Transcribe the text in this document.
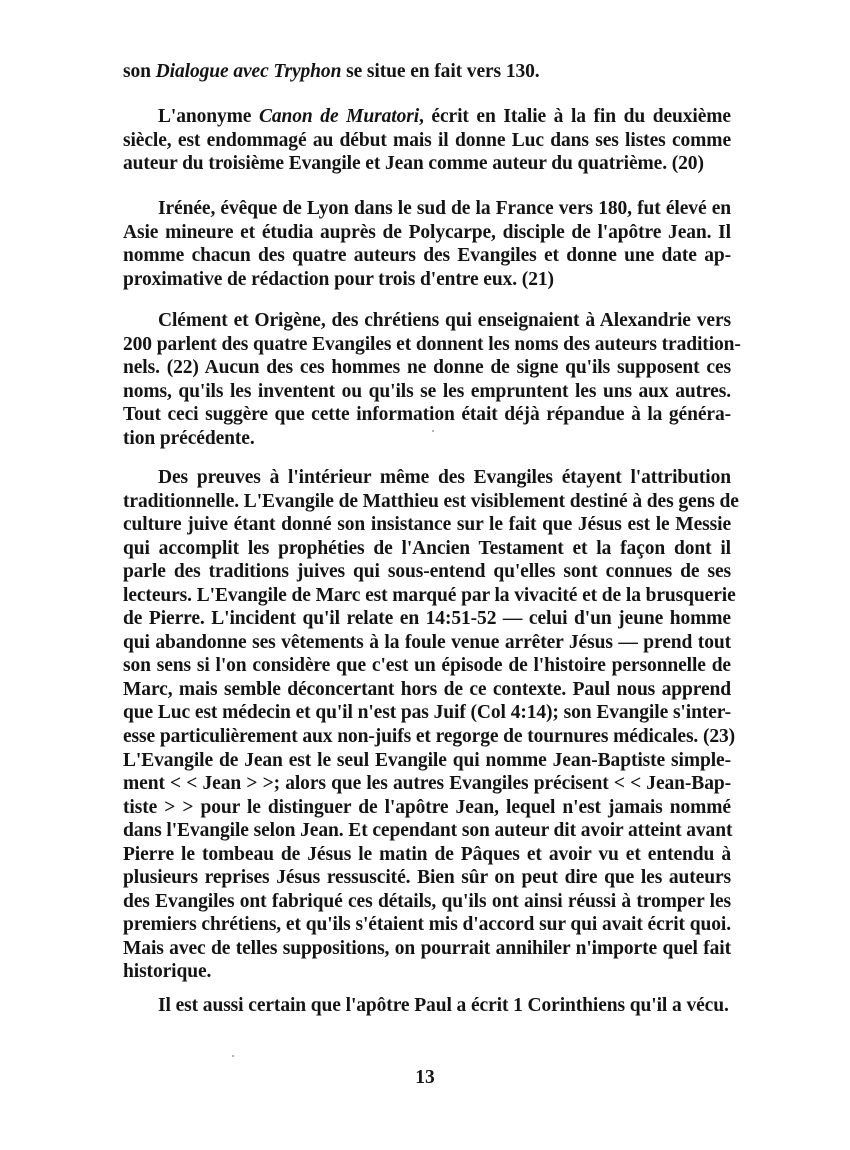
son Dialogue avec Tryphon se situe en fait vers 130.

L'anonyme Canon de Muratori, écrit en Italie à la fin du deuxième
siècle, est endommagé au début mais il donne Luc dans ses listes comme
auteur du troisième Evangile et Jean comme auteur du quatrième. (20)

Irénée, évêque de Lyon dans le sud de la France vers 180, fut élevé en
Asie mineure et étudia auprès de Polycarpe, disciple de l'apôtre Jean. Il
nomme chacun des quatre auteurs des Evangiles et donne une date ap-
proximative de rédaction pour trois d'entre eux. (21)

Clément et Origène, des chrétiens qui enseignaient à Alexandrie vers
200 parlent des quatre Evangiles et donnent les noms des auteurs tradition-
nels. (22) Aucun des ces hommes ne donne de signe qu'ils supposent ces
noms, qu'ils les inventent ou qu'ils se les empruntent les uns aux autres.
Tout ceci suggère que cette information était déjà répandue à la généra-
tion précédente.

Des preuves à l'intérieur même des Evangiles étayent l'attribution
traditionnelle. L'Evangile de Matthieu est visiblement destiné à des gens de
culture juive étant donné son insistance sur le fait que Jésus est le Messie
qui accomplit les prophéties de l'Ancien Testament et la façon dont il
parle des traditions juives qui sous-entend qu'elles sont connues de ses
lecteurs. L'Evangile de Marc est marqué par la vivacité et de la brusquerie
de Pierre. L'incident qu'il relate en 14:51-52 — celui d'un jeune homme
qui abandonne ses vêtements à la foule venue arrêter Jésus — prend tout
son sens si l'on considère que c'est un épisode de l'histoire personnelle de
Marc, mais semble déconcertant hors de ce contexte. Paul nous apprend
que Luc est médecin et qu'il n'est pas Juif (Col 4:14); son Evangile s'inter-
esse particulièrement aux non-juifs et regorge de tournures médicales. (23)
L'Evangile de Jean est le seul Evangile qui nomme Jean-Baptiste simple-
ment < < Jean > >; alors que les autres Evangiles précisent < < Jean-Bap-
tiste > > pour le distinguer de l'apôtre Jean, lequel n'est jamais nommé
dans l'Evangile selon Jean. Et cependant son auteur dit avoir atteint avant
Pierre le tombeau de Jésus le matin de Pâques et avoir vu et entendu à
plusieurs reprises Jésus ressuscité. Bien sûr on peut dire que les auteurs
des Evangiles ont fabriqué ces détails, qu'ils ont ainsi réussi à tromper les
premiers chrétiens, et qu'ils s'étaient mis d'accord sur qui avait écrit quoi.
Mais avec de telles suppositions, on pourrait annihiler n'importe quel fait
historique.

Il est aussi certain que l'apôtre Paul a écrit 1 Corinthiens qu'il a vécu.

13
